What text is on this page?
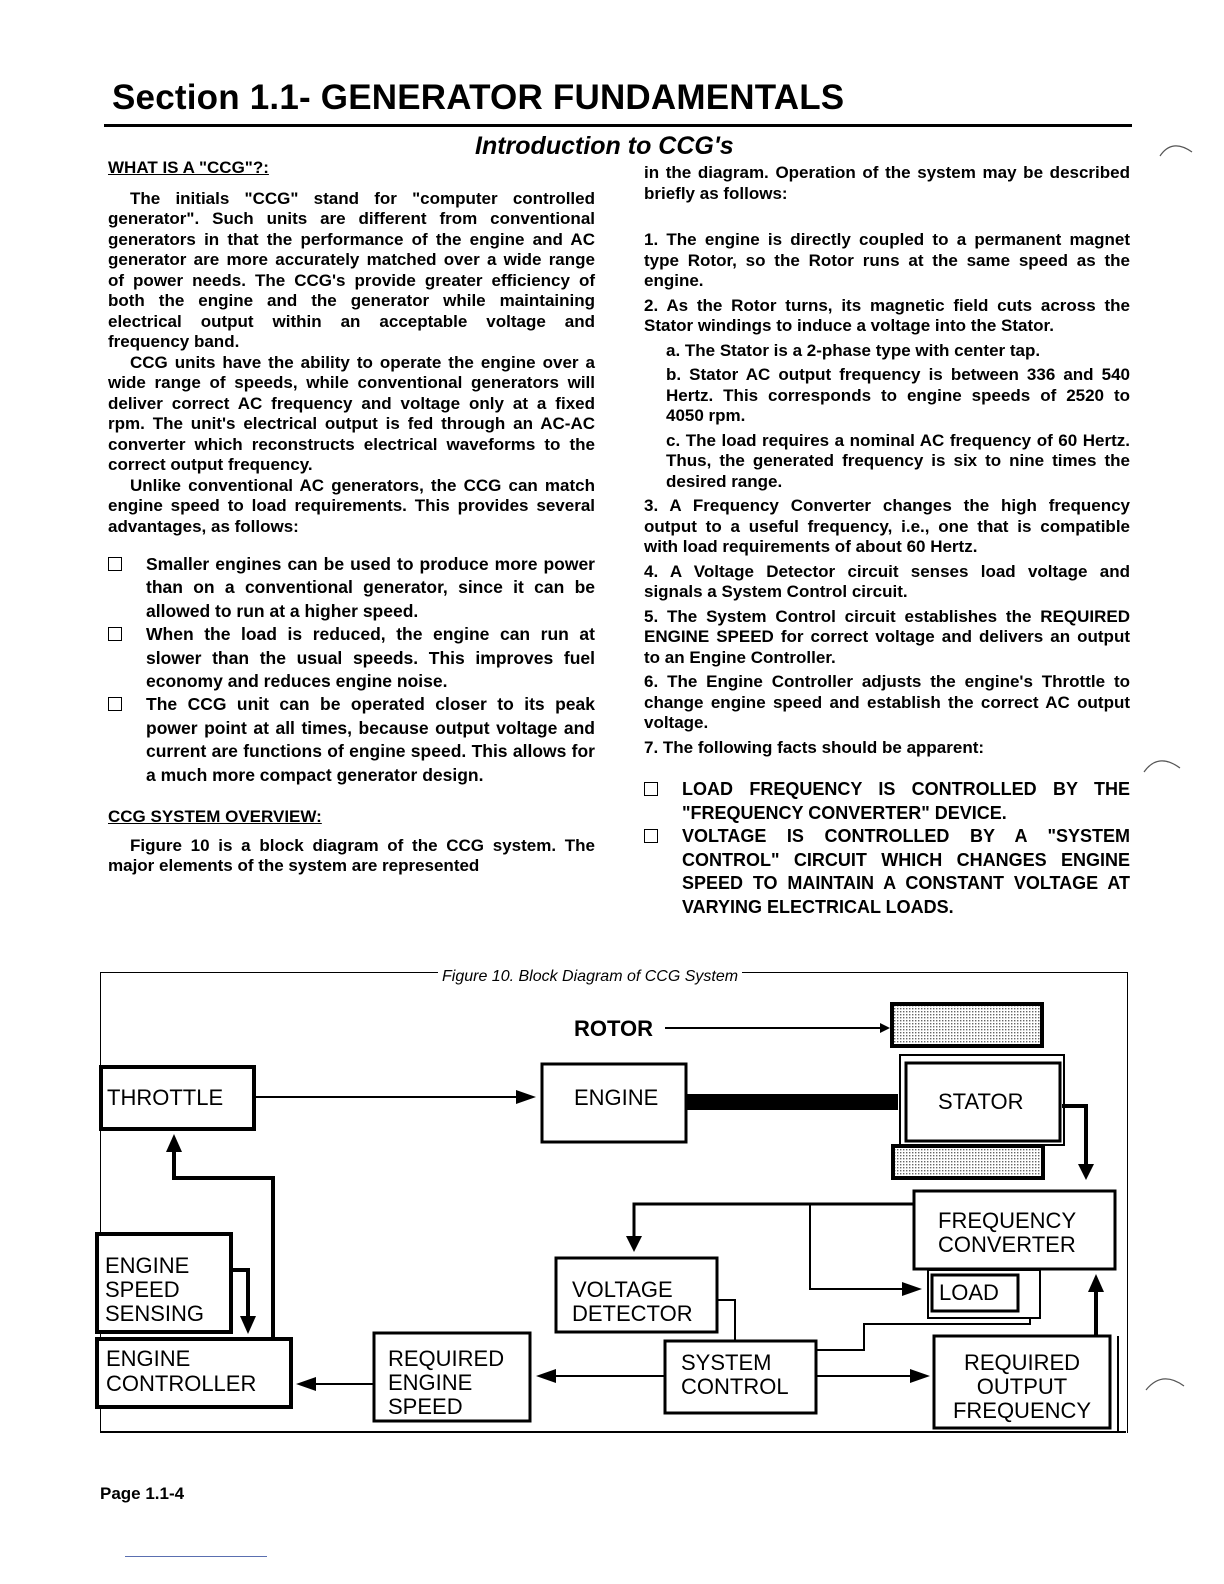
Section 1.1- GENERATOR FUNDAMENTALS
Introduction to CCG's
WHAT IS A "CCG"?:

The initials "CCG" stand for "computer controlled generator". Such units are different from conventional generators in that the performance of the engine and AC generator are more accurately matched over a wide range of power needs. The CCG's provide greater efficiency of both the engine and the generator while maintaining electrical output within an acceptable voltage and frequency band.

CCG units have the ability to operate the engine over a wide range of speeds, while conventional generators will deliver correct AC frequency and voltage only at a fixed rpm. The unit's electrical output is fed through an AC-AC converter which reconstructs electrical waveforms to the correct output frequency.

Unlike conventional AC generators, the CCG can match engine speed to load requirements. This provides several advantages, as follows:

Smaller engines can be used to produce more power than on a conventional generator, since it can be allowed to run at a higher speed.
When the load is reduced, the engine can run at slower than the usual speeds. This improves fuel economy and reduces engine noise.
The CCG unit can be operated closer to its peak power point at all times, because output voltage and current are functions of engine speed. This allows for a much more compact generator design.
CCG SYSTEM OVERVIEW:

Figure 10 is a block diagram of the CCG system. The major elements of the system are represented

in the diagram. Operation of the system may be described briefly as follows:

1. The engine is directly coupled to a permanent magnet type Rotor, so the Rotor runs at the same speed as the engine.

2. As the Rotor turns, its magnetic field cuts across the Stator windings to induce a voltage into the Stator.

a. The Stator is a 2-phase type with center tap.

b. Stator AC output frequency is between 336 and 540 Hertz. This corresponds to engine speeds of 2520 to 4050 rpm.

c. The load requires a nominal AC frequency of 60 Hertz. Thus, the generated frequency is six to nine times the desired range.

3. A Frequency Converter changes the high frequency output to a useful frequency, i.e., one that is compatible with load requirements of about 60 Hertz.

4. A Voltage Detector circuit senses load voltage and signals a System Control circuit.

5. The System Control circuit establishes the REQUIRED ENGINE SPEED for correct voltage and delivers an output to an Engine Controller.

6. The Engine Controller adjusts the engine's Throttle to change engine speed and establish the correct AC output voltage.

7. The following facts should be apparent:

LOAD FREQUENCY IS CONTROLLED BY THE "FREQUENCY CONVERTER" DEVICE.
VOLTAGE IS CONTROLLED BY A "SYSTEM CONTROL" CIRCUIT WHICH CHANGES ENGINE SPEED TO MAINTAIN A CONSTANT VOLTAGE AT VARYING ELECTRICAL LOADS.
Figure 10. Block Diagram of CCG System
ROTOR
STATOR
THROTTLE	ENGINE
FREQUENCY
CONVERTER
LOAD
VOLTAGE
DETECTOR
SYSTEM
CONTROL
REQUIRED
OUTPUT
FREQUENCY
REQUIRED
ENGINE
SPEED
ENGINE
CONTROLLER
ENGINE
SPEED
SENSING
Page 1.1-4
